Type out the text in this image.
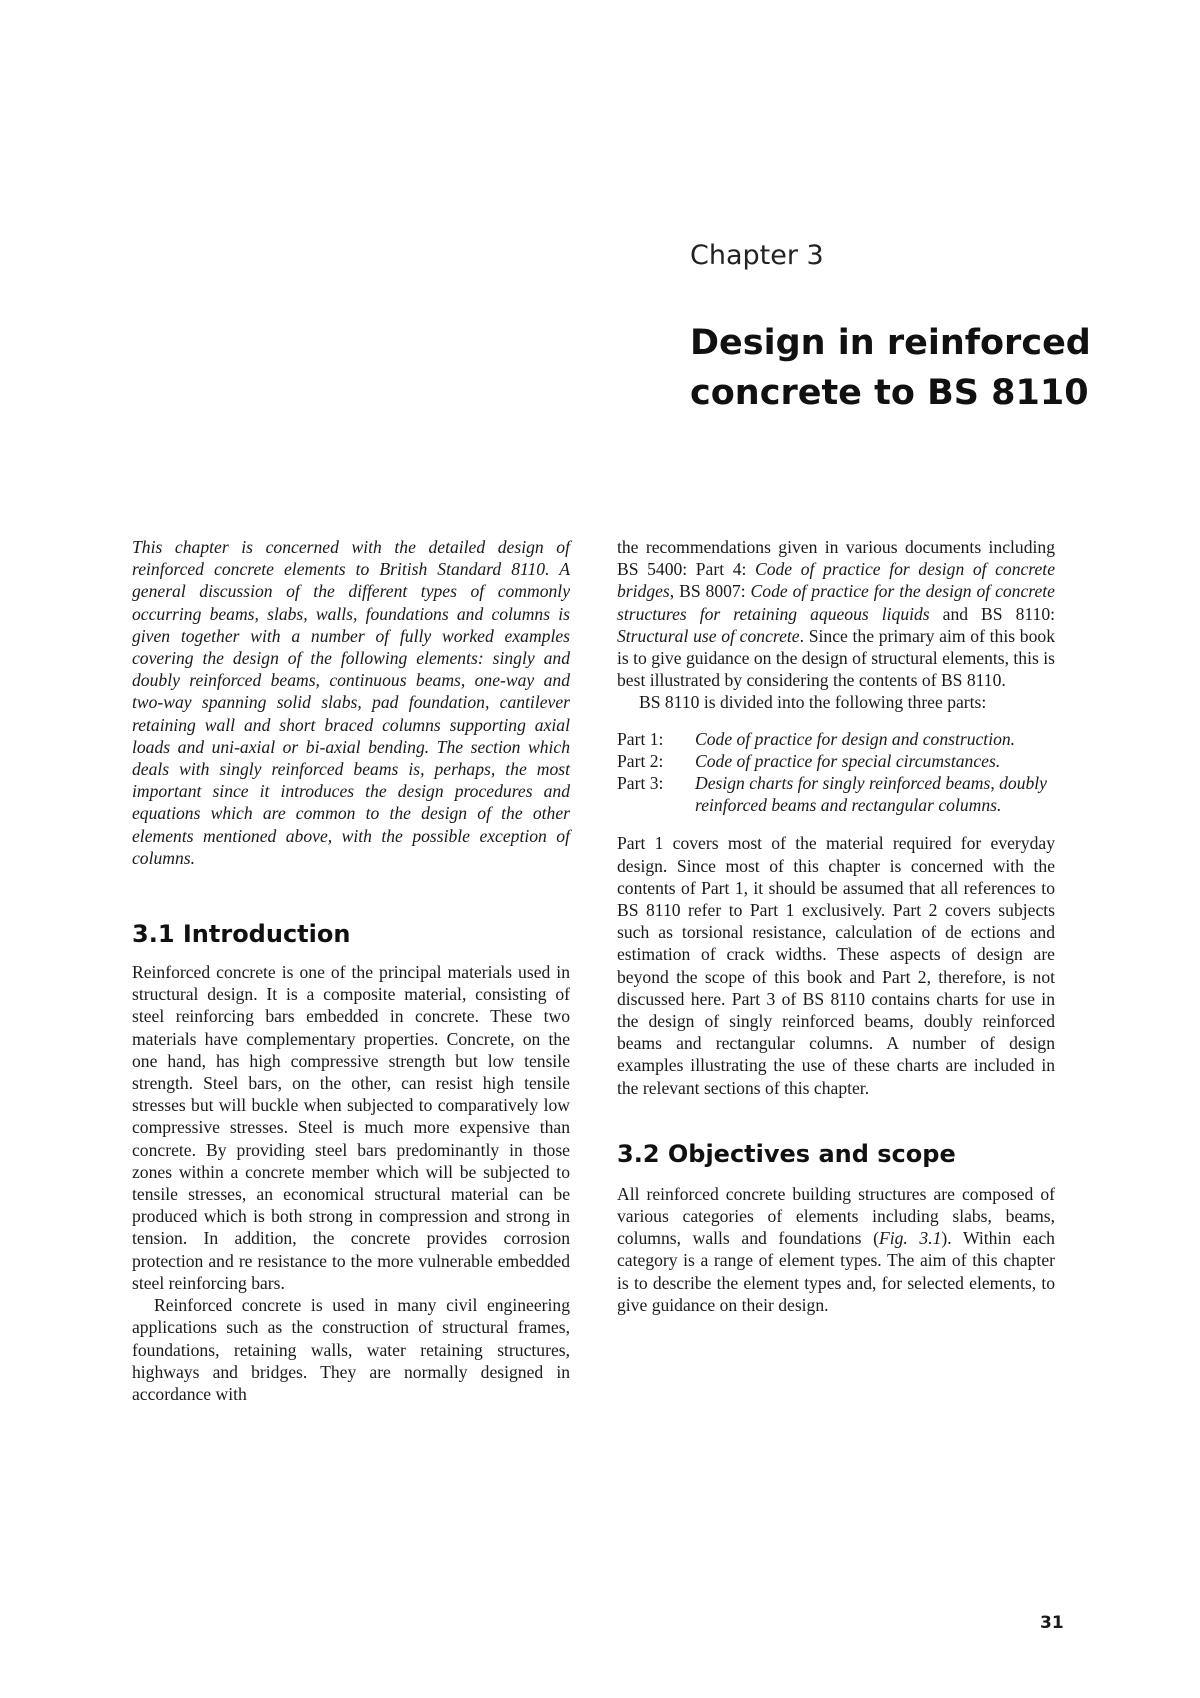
Chapter 3
Design in reinforced
concrete to BS 8110

This chapter is concerned with the detailed design of reinforced concrete elements to British Standard 8110. A general discussion of the different types of commonly occurring beams, slabs, walls, foundations and columns is given together with a number of fully worked examples covering the design of the following elements: singly and doubly reinforced beams, continuous beams, one-way and two-way spanning solid slabs, pad foundation, cantilever retaining wall and short braced columns supporting axial loads and uni-axial or bi-axial bending. The section which deals with singly reinforced beams is, perhaps, the most important since it introduces the design procedures and equations which are common to the design of the other elements mentioned above, with the possible exception of columns.

3.1 Introduction

Reinforced concrete is one of the principal materials used in structural design. It is a composite material, consisting of steel reinforcing bars embedded in concrete. These two materials have complementary properties. Concrete, on the one hand, has high compressive strength but low tensile strength. Steel bars, on the other, can resist high tensile stresses but will buckle when subjected to comparatively low compressive stresses. Steel is much more expensive than concrete. By providing steel bars predominantly in those zones within a concrete member which will be subjected to tensile stresses, an economical structural material can be produced which is both strong in compression and strong in tension. In addition, the concrete provides corrosion protection and re resistance to the more vulnerable embedded steel reinforcing bars.

Reinforced concrete is used in many civil engineering applications such as the construction of structural frames, foundations, retaining walls, water retaining structures, highways and bridges. They are normally designed in accordance with

the recommendations given in various documents including BS 5400: Part 4: Code of practice for design of concrete bridges, BS 8007: Code of practice for the design of concrete structures for retaining aqueous liquids and BS 8110: Structural use of concrete. Since the primary aim of this book is to give guidance on the design of structural elements, this is best illustrated by considering the contents of BS 8110.

BS 8110 is divided into the following three parts:

Part 1:	Code of practice for design and construction.
Part 2:	Code of practice for special circumstances.
Part 3:	Design charts for singly reinforced beams, doubly reinforced beams and rectangular columns.

Part 1 covers most of the material required for everyday design. Since most of this chapter is concerned with the contents of Part 1, it should be assumed that all references to BS 8110 refer to Part 1 exclusively. Part 2 covers subjects such as torsional resistance, calculation of de ections and estimation of crack widths. These aspects of design are beyond the scope of this book and Part 2, therefore, is not discussed here. Part 3 of BS 8110 contains charts for use in the design of singly reinforced beams, doubly reinforced beams and rectangular columns. A number of design examples illustrating the use of these charts are included in the relevant sections of this chapter.

3.2 Objectives and scope

All reinforced concrete building structures are composed of various categories of elements including slabs, beams, columns, walls and foundations (Fig. 3.1). Within each category is a range of element types. The aim of this chapter is to describe the element types and, for selected elements, to give guidance on their design.

31
